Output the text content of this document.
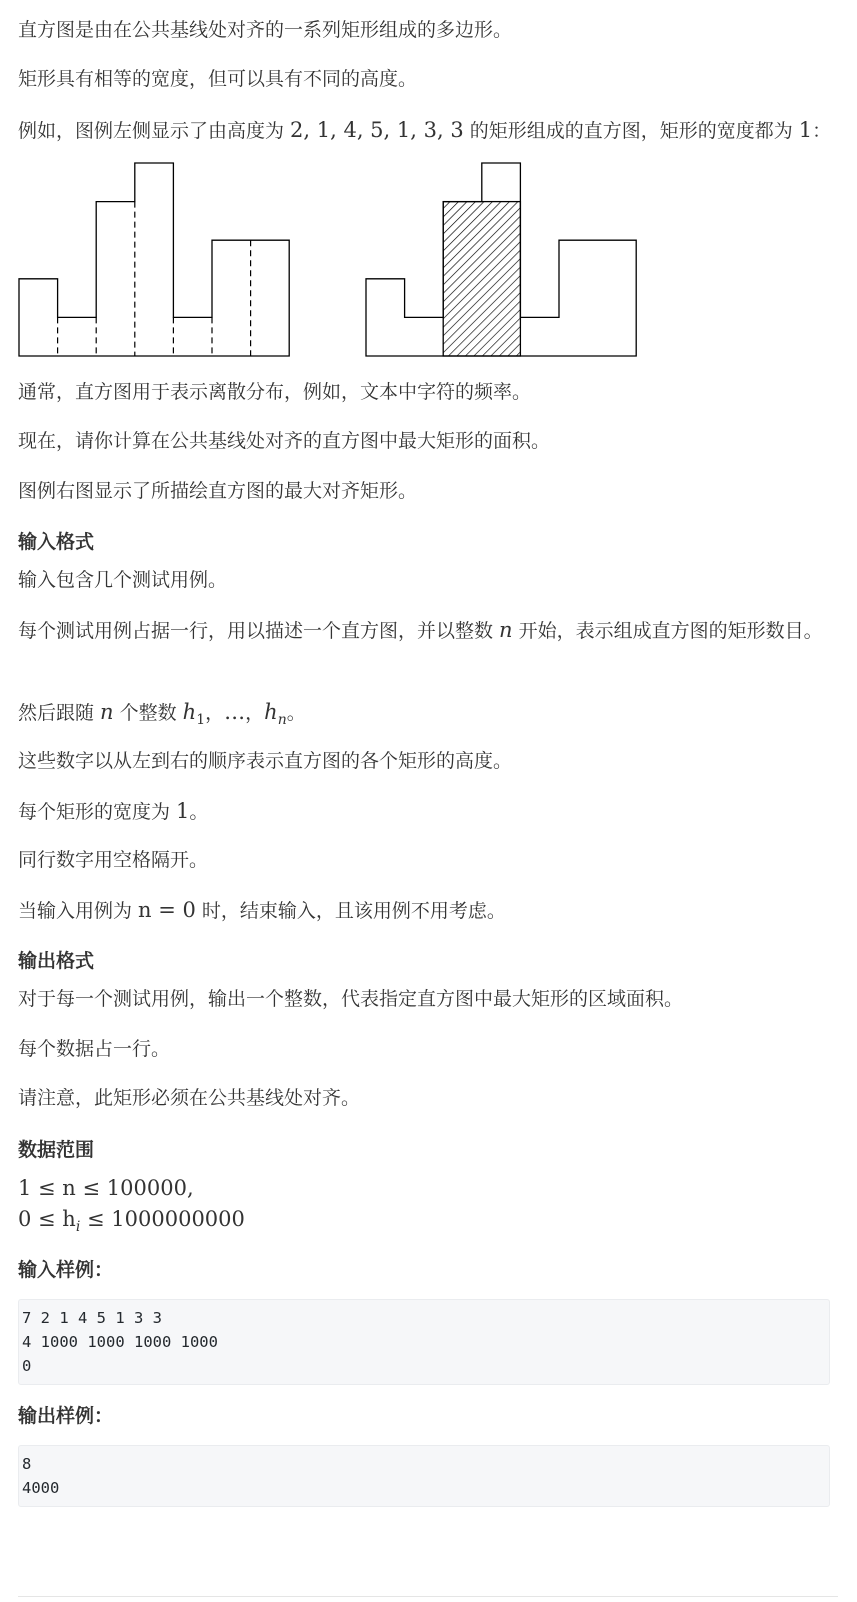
直方图是由在公共基线处对齐的一系列矩形组成的多边形。
矩形具有相等的宽度，但可以具有不同的高度。
例如，图例左侧显示了由高度为 2, 1, 4, 5, 1, 3, 3 的矩形组成的直方图，矩形的宽度都为 1：
通常，直方图用于表示离散分布，例如，文本中字符的频率。
现在，请你计算在公共基线处对齐的直方图中最大矩形的面积。
图例右图显示了所描绘直方图的最大对齐矩形。
输入格式
输入包含几个测试用例。
每个测试用例占据一行，用以描述一个直方图，并以整数 n 开始，表示组成直方图的矩形数目。
然后跟随 n 个整数 $h_1$，…，$h_n$。
这些数字以从左到右的顺序表示直方图的各个矩形的高度。
每个矩形的宽度为 1。
同行数字用空格隔开。
当输入用例为 n = 0 时，结束输入，且该用例不用考虑。
输出格式
对于每一个测试用例，输出一个整数，代表指定直方图中最大矩形的区域面积。
每个数据占一行。
请注意，此矩形必须在公共基线处对齐。
数据范围
1 ≤ n ≤ 100000,
$0 \le h_i \le 1000000000$
输入样例：
7 2 1 4 5 1 3 3
4 1000 1000 1000 1000
0
输出样例：
8
4000
